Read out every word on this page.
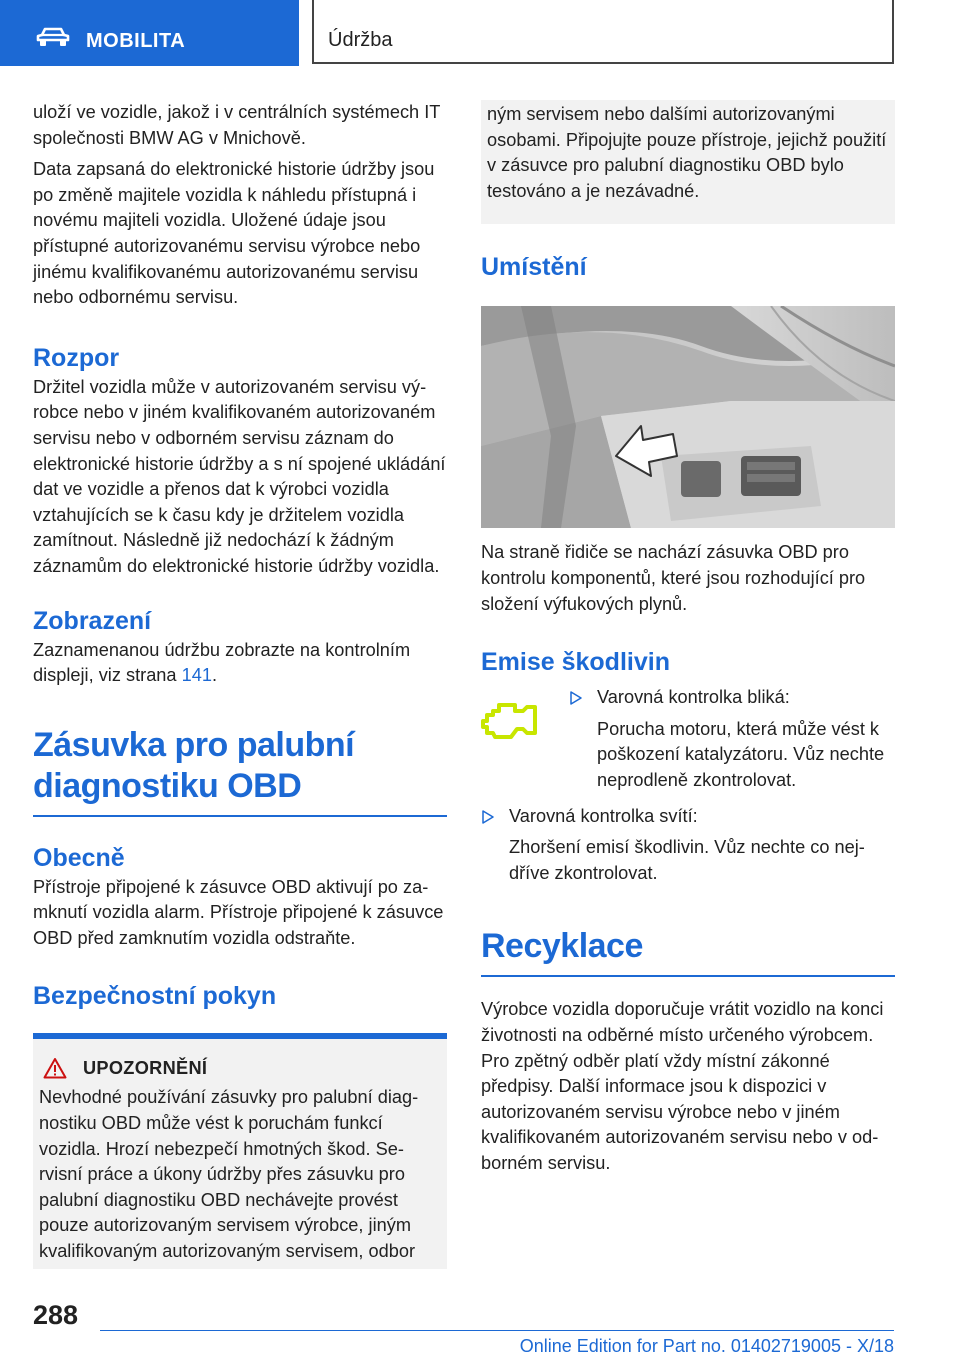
MOBILITA	Údržba

uloží ve vozidle, jakož i v centrálních systémech IT společnosti BMW AG v Mnichově.

Data zapsaná do elektronické historie údržby jsou po změně majitele vozidla k náhledu přístupná i novému majiteli vozidla. Uložené údaje jsou přístupné autorizovanému servisu výrobce nebo jinému kvalifikovanému autorizovanému servisu nebo odbornému servisu.

Rozpor

Držitel vozidla může v autorizovaném servisu výrobce nebo v jiném kvalifikovaném autorizovaném servisu nebo v odborném servisu záznam do elektronické historie údržby a s ní spojené ukládání dat ve vozidle a přenos dat k výrobci vozidla vztahujících se k času kdy je držitelem vozidla zamítnout. Následně již nedochází k žádným záznamům do elektronické historie údržby vozidla.

Zobrazení

Zaznamenanou údržbu zobrazte na kontrolním displeji, viz strana 141.

Zásuvka pro palubní
diagnostiku OBD
Obecně

Přístroje připojené k zásuvce OBD aktivují po zamknutí vozidla alarm. Přístroje připojené k zásuvce OBD před zamknutím vozidla odstraňte.

Bezpečnostní pokyn
UPOZORNĚNÍ

Nevhodné používání zásuvky pro palubní diagnostiku OBD může vést k poruchám funkcí vozidla. Hrozí nebezpečí hmotných škod. Servisní práce a úkony údržby přes zásuvku pro palubní diagnostiku OBD nechávejte provést pouze autorizovaným servisem výrobce, jiným kvalifikovaným autorizovaným servisem, odbor

ným servisem nebo dalšími autorizovanými osobami. Připojujte pouze přístroje, jejichž použití v zásuvce pro palubní diagnostiku OBD bylo testováno a je nezávadné.

Umístění

Na straně řidiče se nachází zásuvka OBD pro kontrolu komponentů, které jsou rozhodující pro složení výfukových plynů.

Emise škodlivin

Varovná kontrolka bliká:

Porucha motoru, která může vést k poškození katalyzátoru. Vůz nechte neprodleně zkontrolovat.

Varovná kontrolka svítí:

Zhoršení emisí škodlivin. Vůz nechte co nejdříve zkontrolovat.

Recyklace

Výrobce vozidla doporučuje vrátit vozidlo na konci životnosti na odběrné místo určeného výrobcem. Pro zpětný odběr platí vždy místní zákonné předpisy. Další informace jsou k dispozici v autorizovaném servisu výrobce nebo v jiném kvalifikovaném autorizovaném servisu nebo v odborném servisu.

288
Online Edition for Part no. 01402719005 - X/18
